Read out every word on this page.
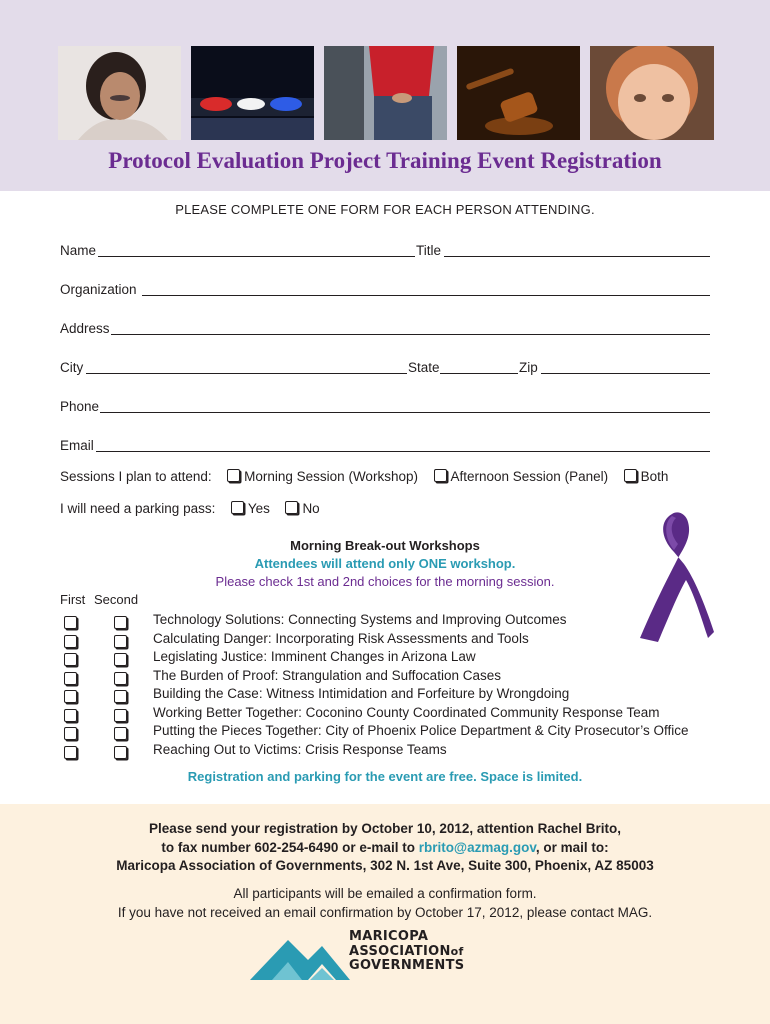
Protocol Evaluation Project Training Event Registration
PLEASE COMPLETE ONE FORM FOR EACH PERSON ATTENDING.
Name	Title
Organization
Address
City	State	Zip
Phone
Email
Sessions I plan to attend: Morning Session (Workshop) Afternoon Session (Panel) Both
I will need a parking pass: Yes No
Morning Break-out Workshops
Attendees will attend only ONE workshop.
Please check 1st and 2nd choices for the morning session.
First Second
Technology Solutions: Connecting Systems and Improving Outcomes
Calculating Danger: Incorporating Risk Assessments and Tools
Legislating Justice: Imminent Changes in Arizona Law
The Burden of Proof: Strangulation and Suffocation Cases
Building the Case: Witness Intimidation and Forfeiture by Wrongdoing
Working Better Together: Coconino County Coordinated Community Response Team
Putting the Pieces Together: City of Phoenix Police Department & City Prosecutor’s Office
Reaching Out to Victims: Crisis Response Teams
Registration and parking for the event are free. Space is limited.
Please send your registration by October 10, 2012, attention Rachel Brito,
to fax number 602-254-6490 or e-mail to rbrito@azmag.gov, or mail to:
Maricopa Association of Governments, 302 N. 1st Ave, Suite 300, Phoenix, AZ 85003
All participants will be emailed a confirmation form.
If you have not received an email confirmation by October 17, 2012, please contact MAG.
MARICOPA
ASSOCIATIONof
GOVERNMENTS
